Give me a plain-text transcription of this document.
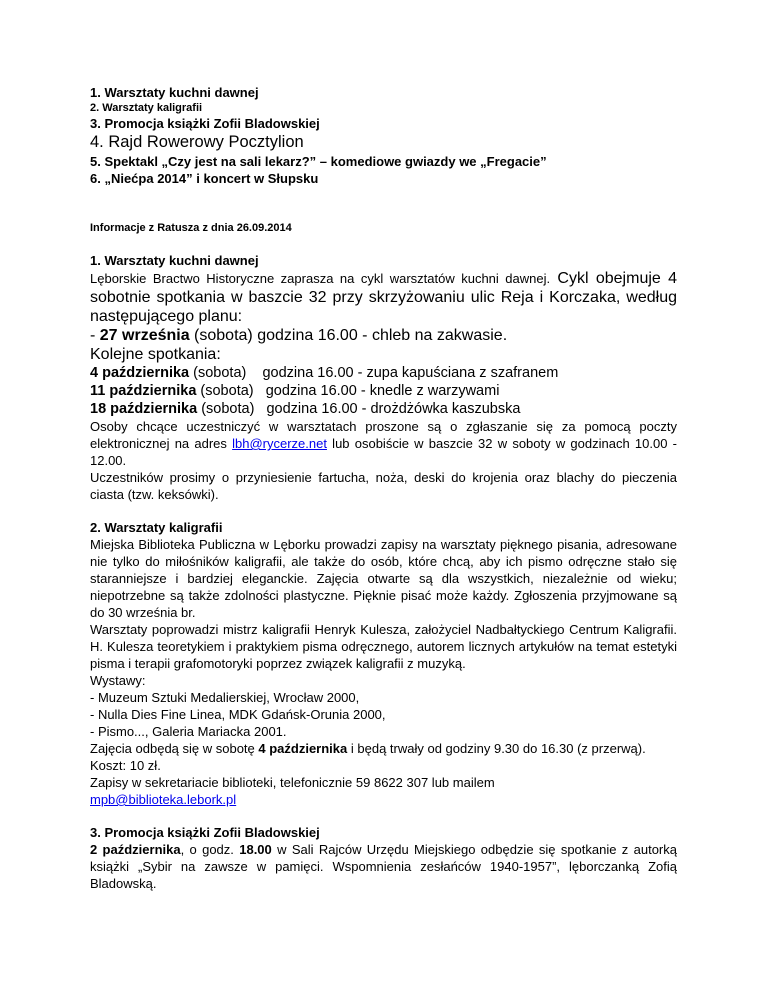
1. Warsztaty kuchni dawnej

2. Warsztaty kaligrafii

3. Promocja książki Zofii Bladowskiej

4. Rajd Rowerowy Pocztylion

5. Spektakl „Czy jest na sali lekarz?” – komediowe gwiazdy we „Fregacie”

6. „Niećpa 2014” i koncert w Słupsku

Informacje z Ratusza z dnia 26.09.2014

1. Warsztaty kuchni dawnej

Lęborskie Bractwo Historyczne zaprasza na cykl warsztatów kuchni dawnej. Cykl obejmuje 4 sobotnie spotkania w baszcie 32 przy skrzyżowaniu ulic Reja i Korczaka, według następującego planu:

- 27 września (sobota) godzina 16.00 - chleb na zakwasie.

Kolejne spotkania:

4 października (sobota)    godzina 16.00 - zupa kapuściana z szafranem

11 października (sobota)   godzina 16.00 - knedle z warzywami

18 października (sobota)   godzina 16.00 - drożdżówka kaszubska

Osoby chcące uczestniczyć w warsztatach proszone są o zgłaszanie się za pomocą poczty elektronicznej na adres lbh@rycerze.net lub osobiście w baszcie 32 w soboty w godzinach 10.00 - 12.00.

Uczestników prosimy o przyniesienie fartucha, noża, deski do krojenia oraz blachy do pieczenia ciasta (tzw. keksówki).

2. Warsztaty kaligrafii

Miejska Biblioteka Publiczna w Lęborku prowadzi zapisy na warsztaty pięknego pisania, adresowane nie tylko do miłośników kaligrafii, ale także do osób, które chcą, aby ich pismo odręczne stało się staranniejsze i bardziej eleganckie. Zajęcia otwarte są dla wszystkich, niezależnie od wieku; niepotrzebne są także zdolności plastyczne. Pięknie pisać może każdy. Zgłoszenia przyjmowane są do 30 września br.

Warsztaty poprowadzi mistrz kaligrafii Henryk Kulesza, założyciel Nadbałtyckiego Centrum Kaligrafii. H. Kulesza teoretykiem i praktykiem pisma odręcznego, autorem licznych artykułów na temat estetyki pisma i terapii grafomotoryki poprzez związek kaligrafii z muzyką.

Wystawy:

- Muzeum Sztuki Medalierskiej, Wrocław 2000,

- Nulla Dies Fine Linea, MDK Gdańsk-Orunia 2000,

- Pismo..., Galeria Mariacka 2001.

Zajęcia odbędą się w sobotę 4 października i będą trwały od godziny 9.30 do 16.30 (z przerwą). Koszt: 10 zł.

Zapisy w sekretariacie biblioteki, telefonicznie 59 8622 307 lub mailem

mpb@biblioteka.lebork.pl

3. Promocja książki Zofii Bladowskiej

2 października, o godz. 18.00 w Sali Rajców Urzędu Miejskiego odbędzie się spotkanie z autorką książki „Sybir na zawsze w pamięci. Wspomnienia zesłańców 1940-1957”, lęborczanką Zofią Bladowską.
